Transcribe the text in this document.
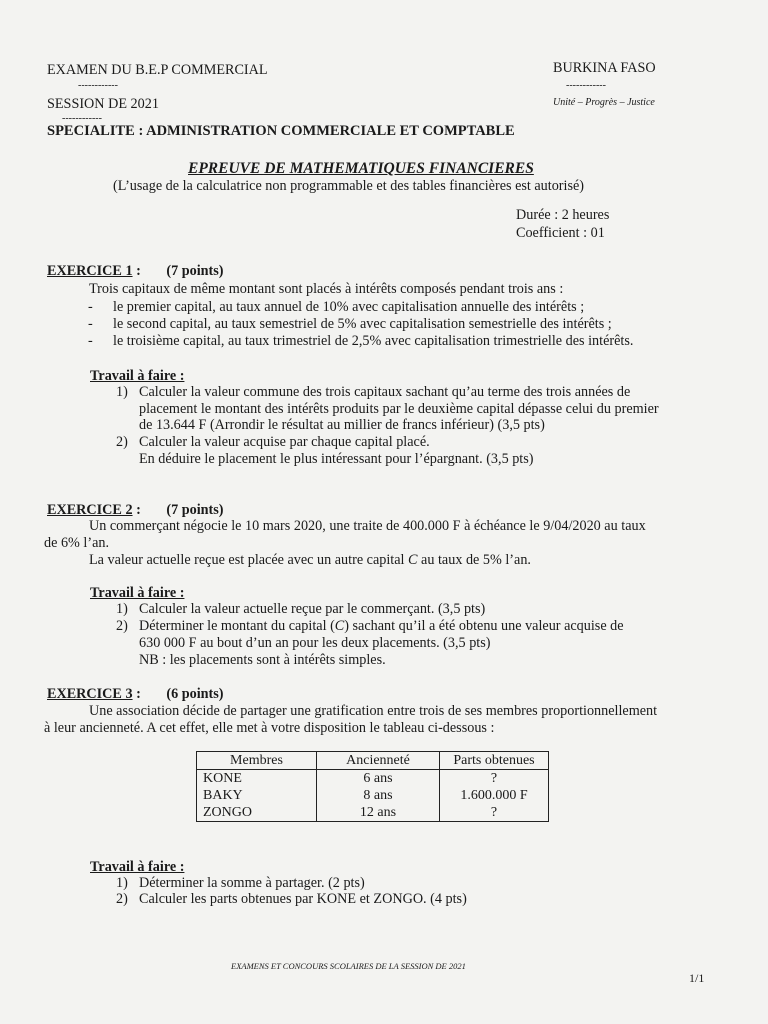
EXAMEN DU B.E.P COMMERCIAL
------------
SESSION DE 2021
------------
BURKINA FASO
------------
Unité – Progrès – Justice
SPECIALITE : ADMINISTRATION COMMERCIALE ET COMPTABLE
EPREUVE DE MATHEMATIQUES FINANCIERES
(L’usage de la calculatrice non programmable et des tables financières est autorisé)
Durée : 2 heures
Coefficient : 01
EXERCICE 1 : (7 points)
Trois capitaux de même montant sont placés à intérêts composés pendant trois ans :
- le premier capital, au taux annuel de 10% avec capitalisation annuelle des intérêts ;
- le second capital, au taux semestriel de 5% avec capitalisation semestrielle des intérêts ;
- le troisième capital, au taux trimestriel de 2,5% avec capitalisation trimestrielle des intérêts.
Travail à faire :
1) Calculer la valeur commune des trois capitaux sachant qu’au terme des trois années de
placement le montant des intérêts produits par le deuxième capital dépasse celui du premier
de 13.644 F (Arrondir le résultat au millier de francs inférieur) (3,5 pts)
2) Calculer la valeur acquise par chaque capital placé.
En déduire le placement le plus intéressant pour l’épargnant. (3,5 pts)
EXERCICE 2 : (7 points)
Un commerçant négocie le 10 mars 2020, une traite de 400.000 F à échéance le 9/04/2020 au taux
de 6% l’an.
La valeur actuelle reçue est placée avec un autre capital C au taux de 5% l’an.
Travail à faire :
1) Calculer la valeur actuelle reçue par le commerçant. (3,5 pts)
2) Déterminer le montant du capital (C) sachant qu’il a été obtenu une valeur acquise de
630 000 F au bout d’un an pour les deux placements. (3,5 pts)
NB : les placements sont à intérêts simples.
EXERCICE 3 : (6 points)
Une association décide de partager une gratification entre trois de ses membres proportionnellement
à leur ancienneté. A cet effet, elle met à votre disposition le tableau ci-dessous :
Membres	Ancienneté	Parts obtenues
KONE	6 ans	?
BAKY	8 ans	1.600.000 F
ZONGO	12 ans	?
Travail à faire :
1) Déterminer la somme à partager. (2 pts)
2) Calculer les parts obtenues par KONE et ZONGO. (4 pts)
EXAMENS ET CONCOURS SCOLAIRES DE LA SESSION DE 2021
1/1
